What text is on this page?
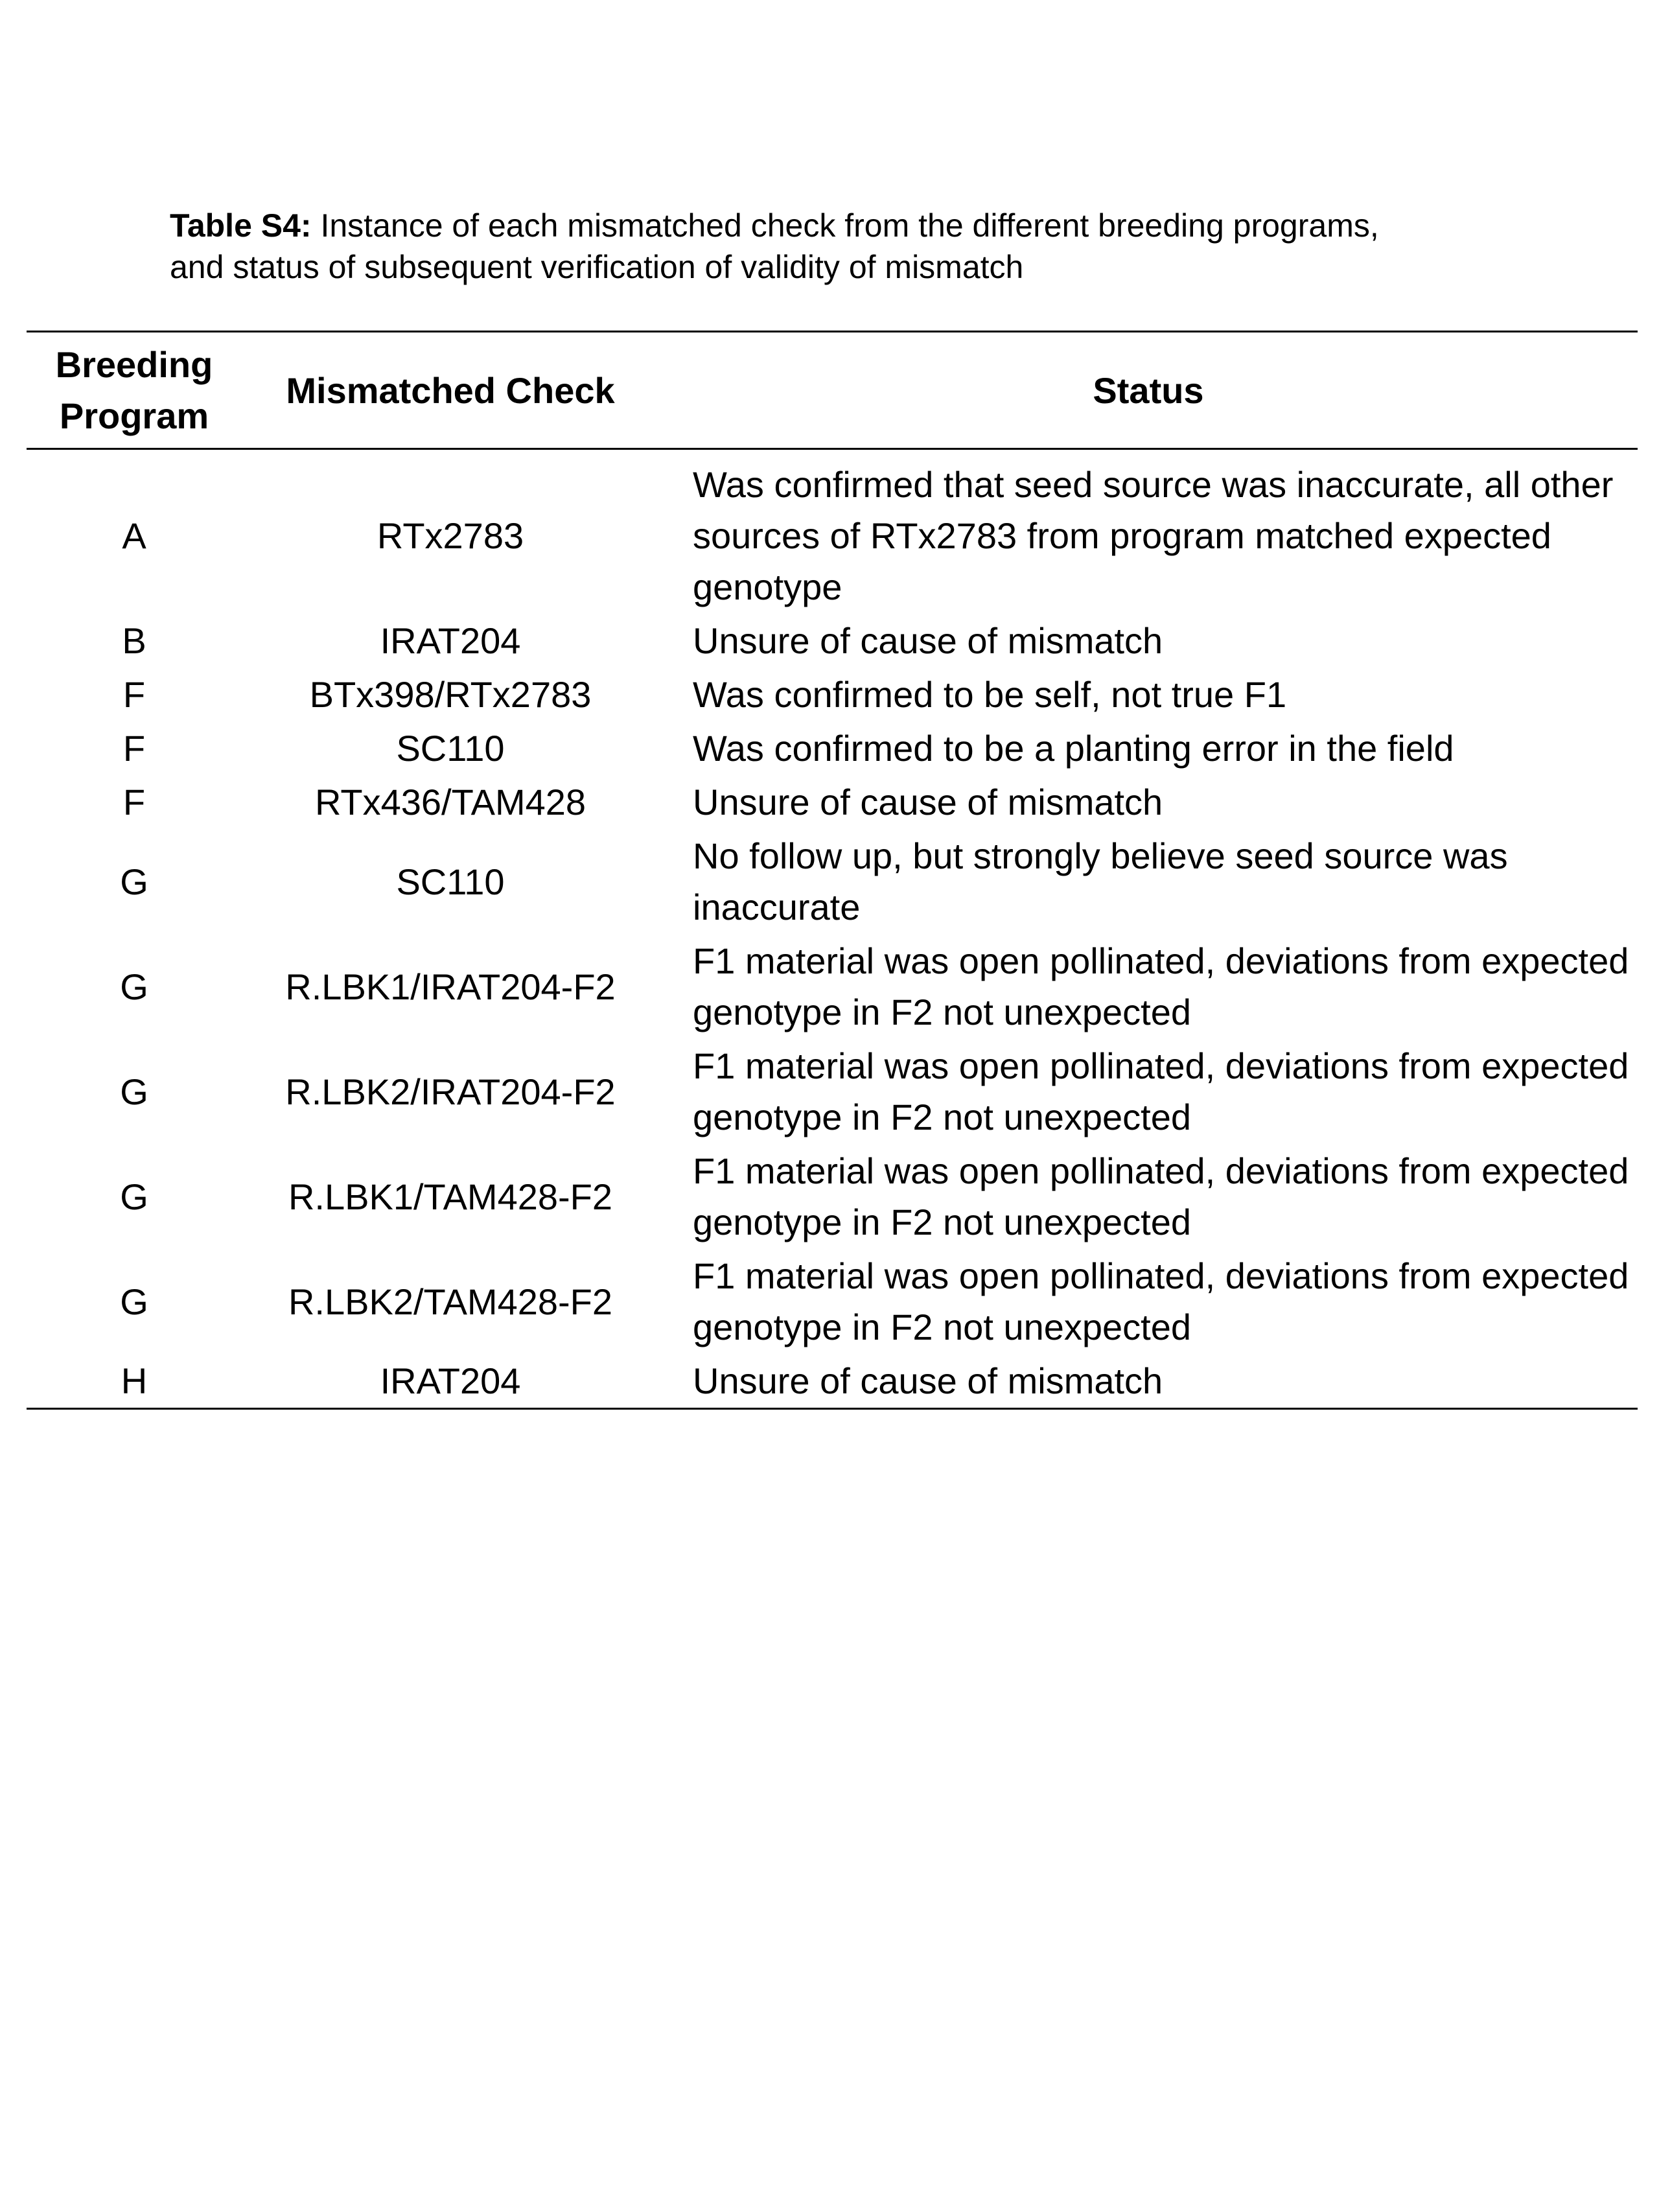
Table S4: Instance of each mismatched check from the different breeding programs,
and status of subsequent verification of validity of mismatch
Breeding
Program	Mismatched Check	Status
A	RTx2783	Was confirmed that seed source was inaccurate, all other sources of RTx2783 from program matched expected genotype
B	IRAT204	Unsure of cause of mismatch
F	BTx398/RTx2783	Was confirmed to be self, not true F1
F	SC110	Was confirmed to be a planting error in the field
F	RTx436/TAM428	Unsure of cause of mismatch
G	SC110	No follow up, but strongly believe seed source was inaccurate
G	R.LBK1/IRAT204-F2	F1 material was open pollinated, deviations from expected genotype in F2 not unexpected
G	R.LBK2/IRAT204-F2	F1 material was open pollinated, deviations from expected genotype in F2 not unexpected
G	R.LBK1/TAM428-F2	F1 material was open pollinated, deviations from expected genotype in F2 not unexpected
G	R.LBK2/TAM428-F2	F1 material was open pollinated, deviations from expected genotype in F2 not unexpected
H	IRAT204	Unsure of cause of mismatch
